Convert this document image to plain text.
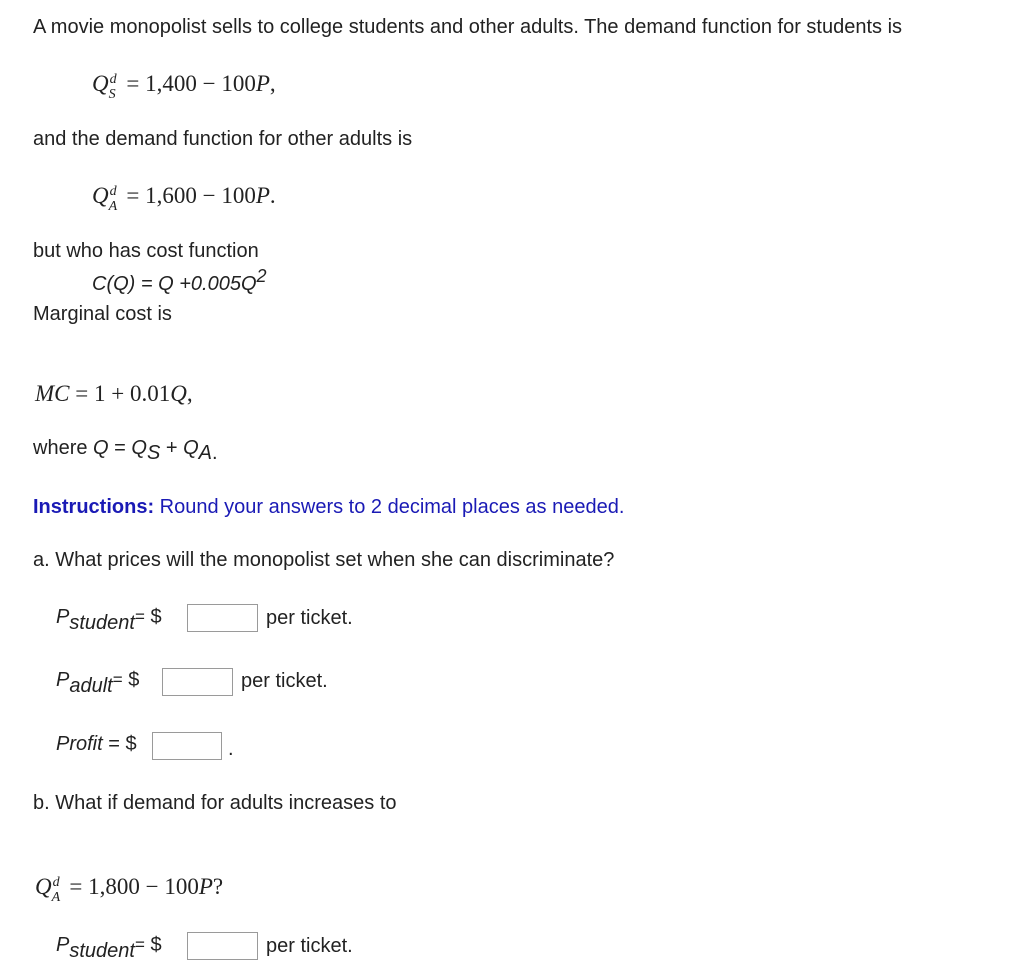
A movie monopolist sells to college students and other adults. The demand function for students is
Q d
S = 1,400 − 100P,
and the demand function for other adults is
Q d
A = 1,600 − 100P.
but who has cost function
C(Q) = Q +0.005Q2
Marginal cost is
MC = 1 + 0.01Q,
where Q = QS + QA.
Instructions: Round your answers to 2 decimal places as needed.
a. What prices will the monopolist set when she can discriminate?
Pstudent= $	per ticket.
Padult= $	per ticket.
Profit = $	.
b. What if demand for adults increases to
Q d
A = 1,800 − 100P?
Pstudent= $	per ticket.
